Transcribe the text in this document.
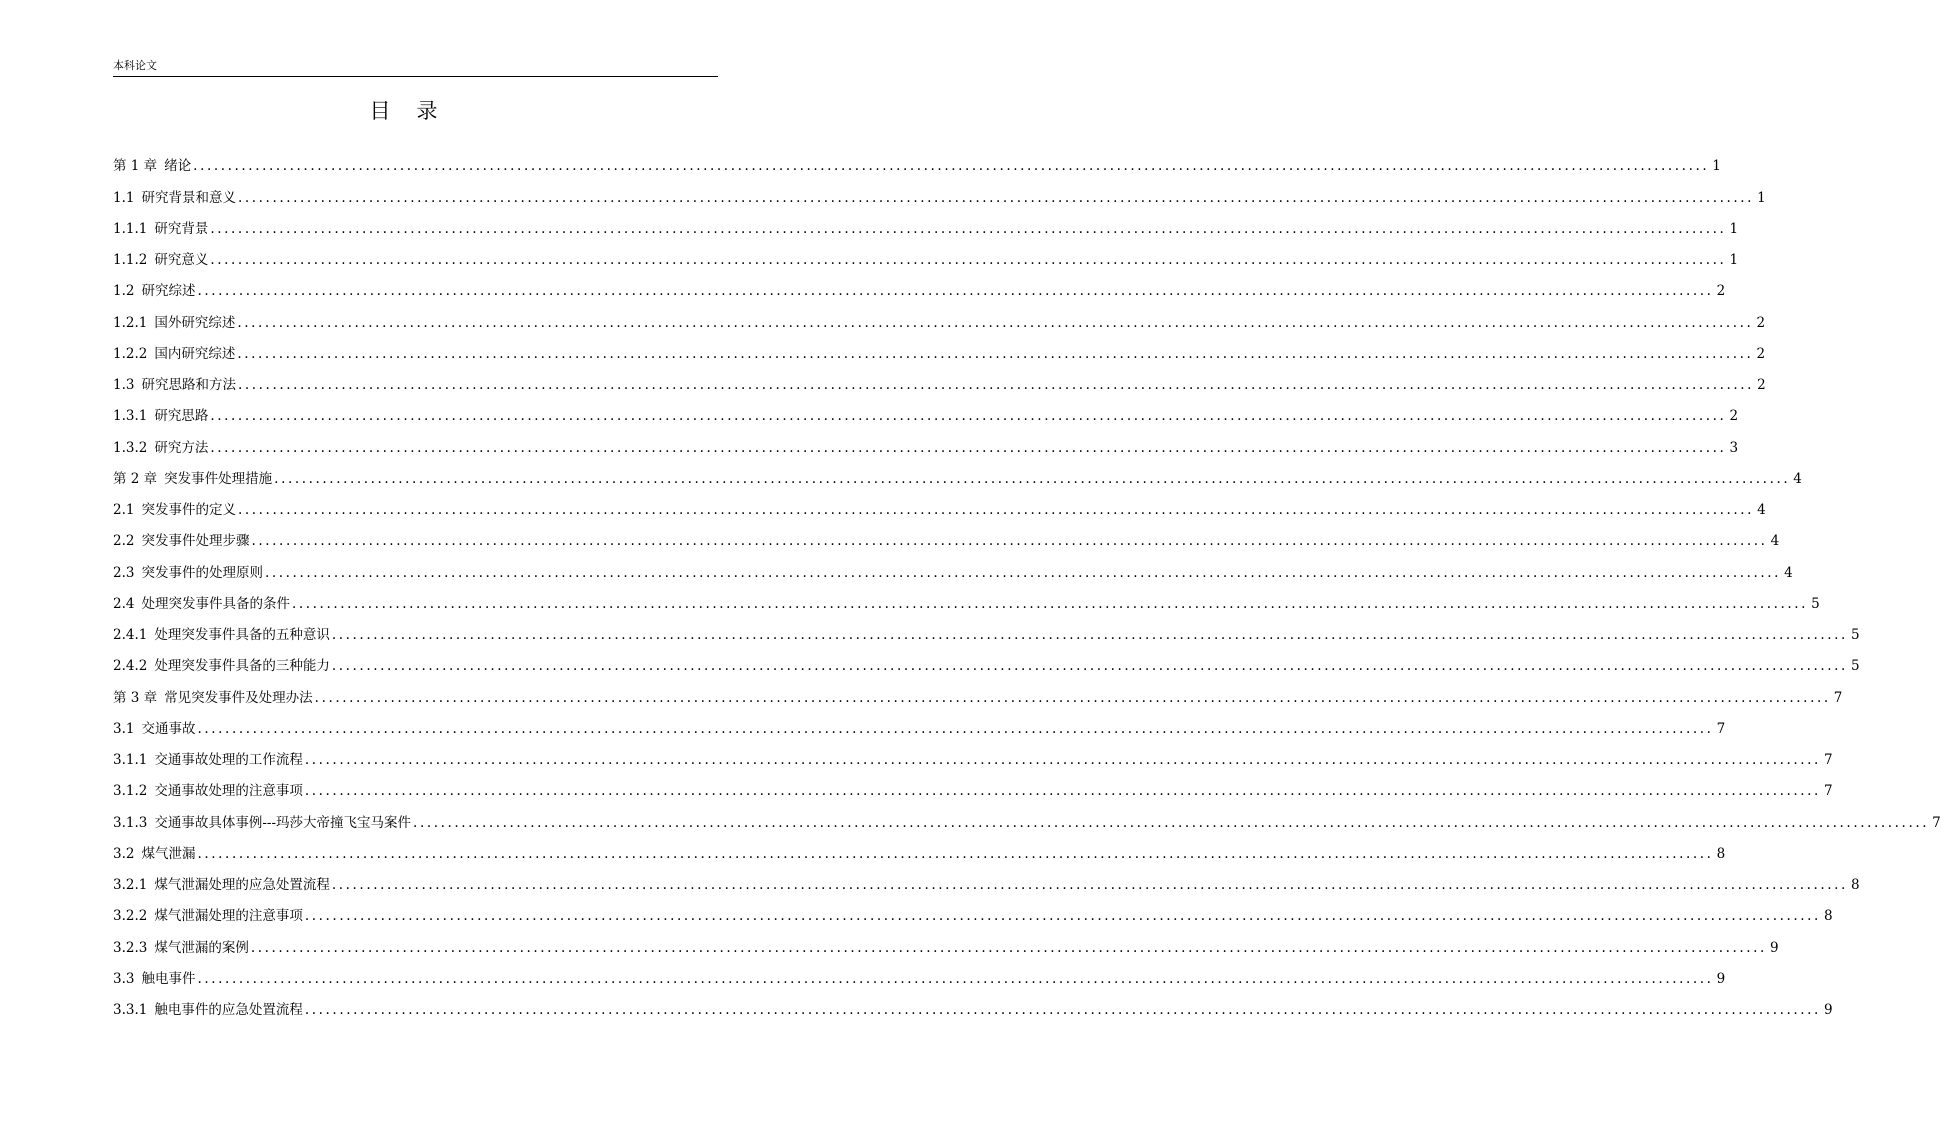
本科论文
目录
第 1 章 绪论 ............................................................................................................................................................................................................................ 1
1.1 研究背景和意义 ............................................................................................................................................................................................................................ 1
1.1.1 研究背景 ............................................................................................................................................................................................................................ 1
1.1.2 研究意义 ............................................................................................................................................................................................................................ 1
1.2 研究综述 ............................................................................................................................................................................................................................ 2
1.2.1 国外研究综述 ............................................................................................................................................................................................................................ 2
1.2.2 国内研究综述 ............................................................................................................................................................................................................................ 2
1.3 研究思路和方法 ............................................................................................................................................................................................................................ 2
1.3.1 研究思路 ............................................................................................................................................................................................................................ 2
1.3.2 研究方法 ............................................................................................................................................................................................................................ 3
第 2 章 突发事件处理措施 ............................................................................................................................................................................................................................ 4
2.1 突发事件的定义 ............................................................................................................................................................................................................................ 4
2.2 突发事件处理步骤 ............................................................................................................................................................................................................................ 4
2.3 突发事件的处理原则 ............................................................................................................................................................................................................................ 4
2.4 处理突发事件具备的条件 ............................................................................................................................................................................................................................ 5
2.4.1 处理突发事件具备的五种意识 ............................................................................................................................................................................................................................ 5
2.4.2 处理突发事件具备的三种能力 ............................................................................................................................................................................................................................ 5
第 3 章 常见突发事件及处理办法 ............................................................................................................................................................................................................................ 7
3.1 交通事故 ............................................................................................................................................................................................................................ 7
3.1.1 交通事故处理的工作流程 ............................................................................................................................................................................................................................ 7
3.1.2 交通事故处理的注意事项 ............................................................................................................................................................................................................................ 7
3.1.3 交通事故具体事例---玛莎大帝撞飞宝马案件 ............................................................................................................................................................................................................................ 7
3.2 煤气泄漏 ............................................................................................................................................................................................................................ 8
3.2.1 煤气泄漏处理的应急处置流程 ............................................................................................................................................................................................................................ 8
3.2.2 煤气泄漏处理的注意事项 ............................................................................................................................................................................................................................ 8
3.2.3 煤气泄漏的案例 ............................................................................................................................................................................................................................ 9
3.3 触电事件 ............................................................................................................................................................................................................................ 9
3.3.1 触电事件的应急处置流程 ............................................................................................................................................................................................................................ 9
